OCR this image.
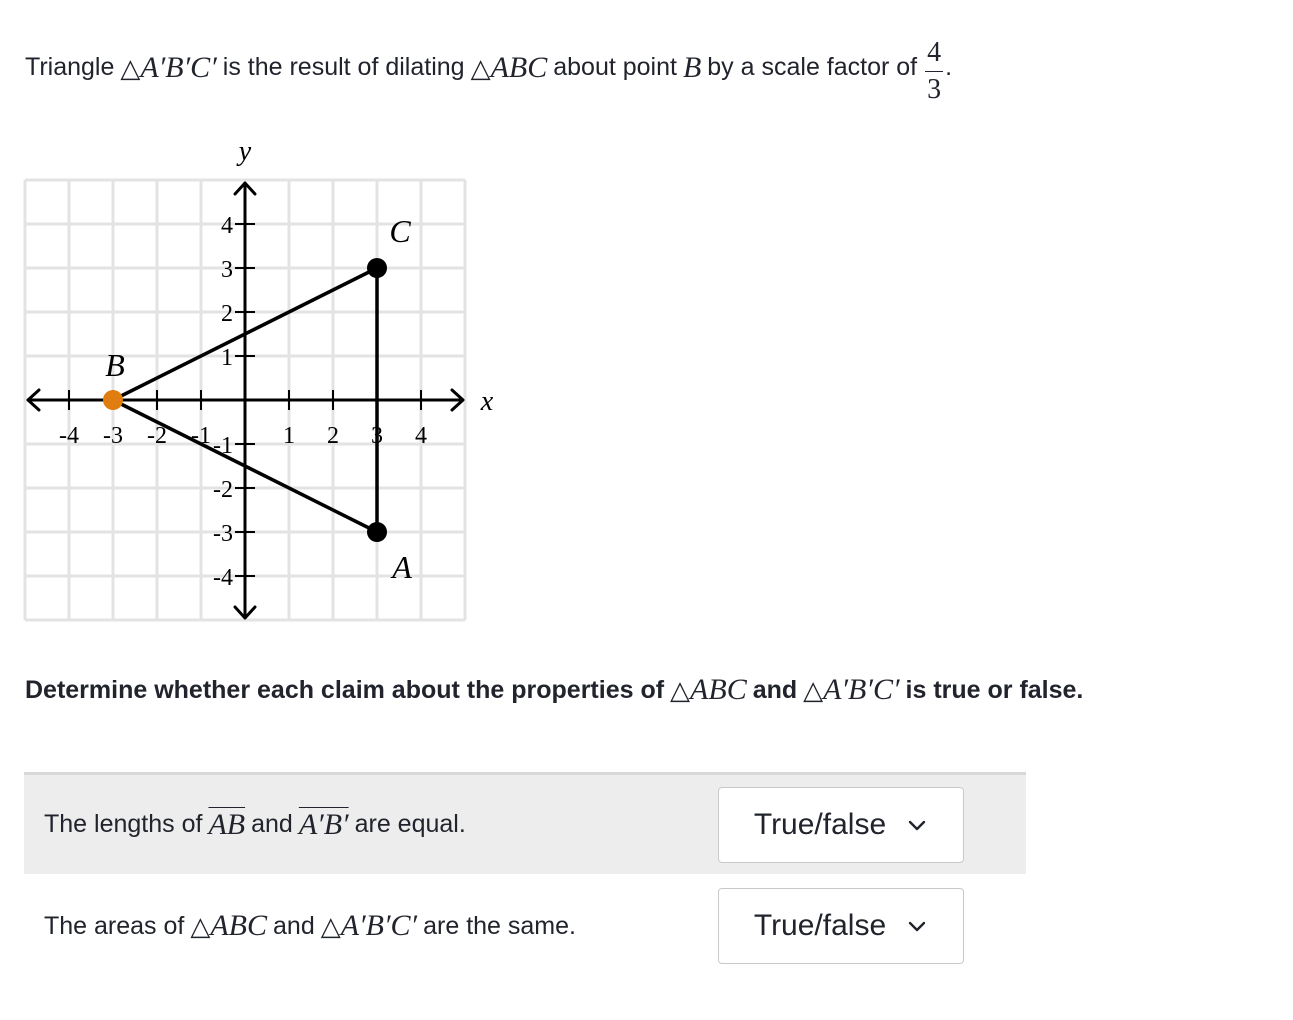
Triangle △A′B′C′ is the result of dilating △ABC about point B by a scale factor of $\frac{4}{3}$ .
x
y
-4 -3 -2 -1	1 2 3 4
4
3
2
1
-1
-2
-3
-4	A
B
C
Determine whether each claim about the properties of △ABC and △A′B′C′ is true or false.
The lengths of $\overline{AB}$ and A′B′ are equal.	True/false
The areas of △ABC and △A′B′C′ are the same.	True/false
